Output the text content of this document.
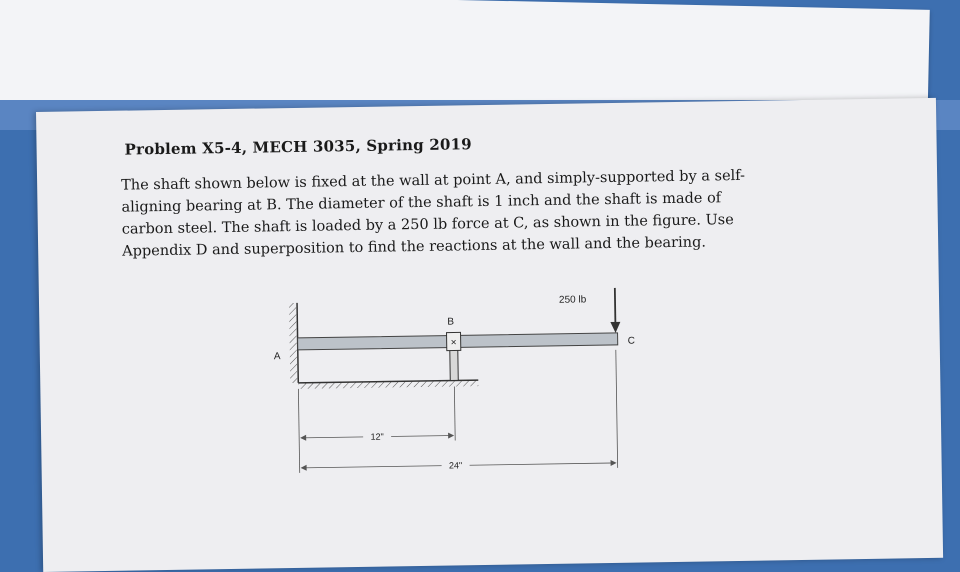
Problem X5-4, MECH 3035, Spring 2019

The shaft shown below is fixed at the wall at point A, and simply-supported by a self-

aligning bearing at B. The diameter of the shaft is 1 inch and the shaft is made of

carbon steel. The shaft is loaded by a 250 lb force at C, as shown in the figure. Use

Appendix D and superposition to find the reactions at the wall and the bearing.

×
250 lb
A
B
C
12"
24"
